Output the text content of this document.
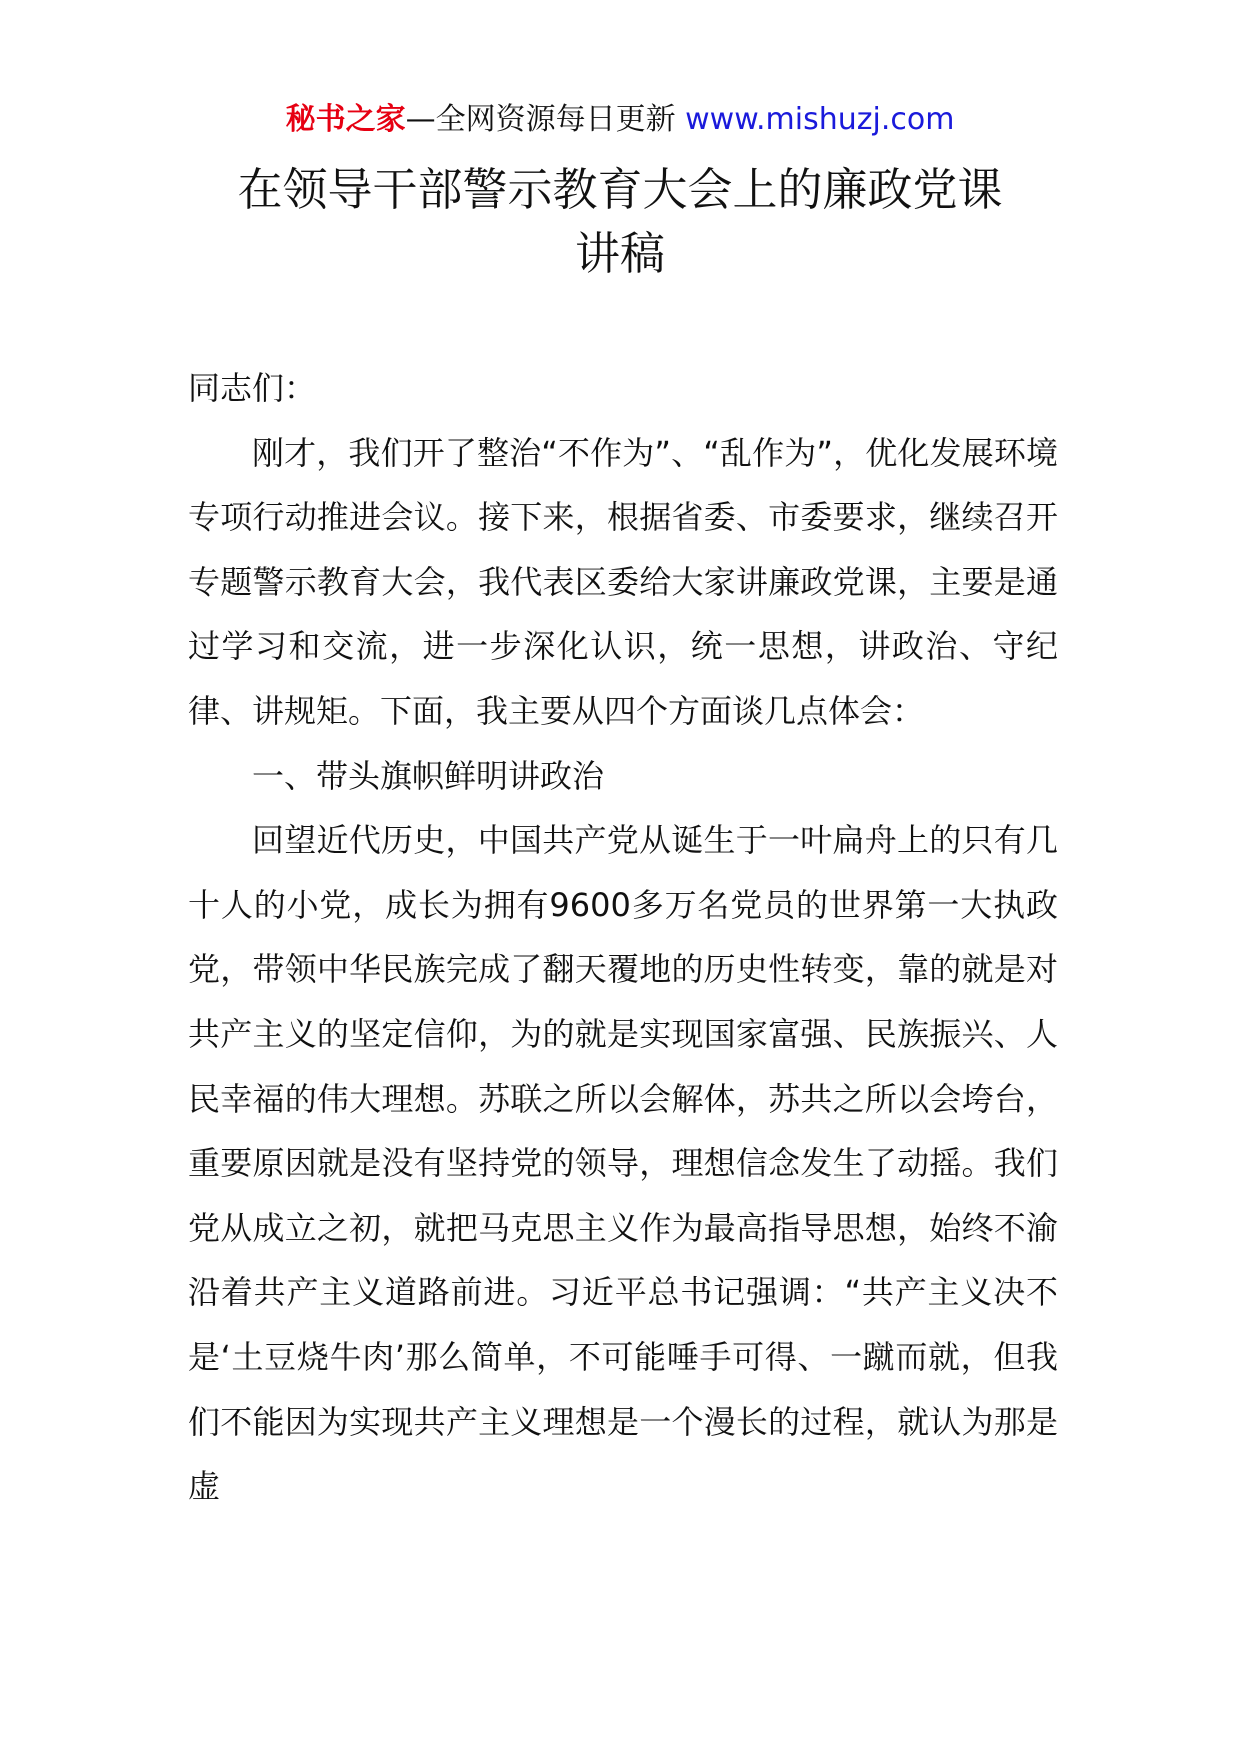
秘书之家—全网资源每日更新 www.mishuzj.com
在领导干部警示教育大会上的廉政党课
讲稿

同志们：

刚才，我们开了整治“不作为”、“乱作为”，优化发展环境专项行动推进会议。接下来，根据省委、市委要求，继续召开专题警示教育大会，我代表区委给大家讲廉政党课，主要是通过学习和交流，进一步深化认识，统一思想，讲政治、守纪律、讲规矩。下面，我主要从四个方面谈几点体会：

一、带头旗帜鲜明讲政治

回望近代历史，中国共产党从诞生于一叶扁舟上的只有几十人的小党，成长为拥有9600多万名党员的世界第一大执政党，带领中华民族完成了翻天覆地的历史性转变，靠的就是对共产主义的坚定信仰，为的就是实现国家富强、民族振兴、人民幸福的伟大理想。苏联之所以会解体，苏共之所以会垮台，重要原因就是没有坚持党的领导，理想信念发生了动摇。我们党从成立之初，就把马克思主义作为最高指导思想，始终不渝沿着共产主义道路前进。习近平总书记强调：“共产主义决不是‘土豆烧牛肉’那么简单，不可能唾手可得、一蹴而就，但我们不能因为实现共产主义理想是一个漫长的过程，就认为那是虚
